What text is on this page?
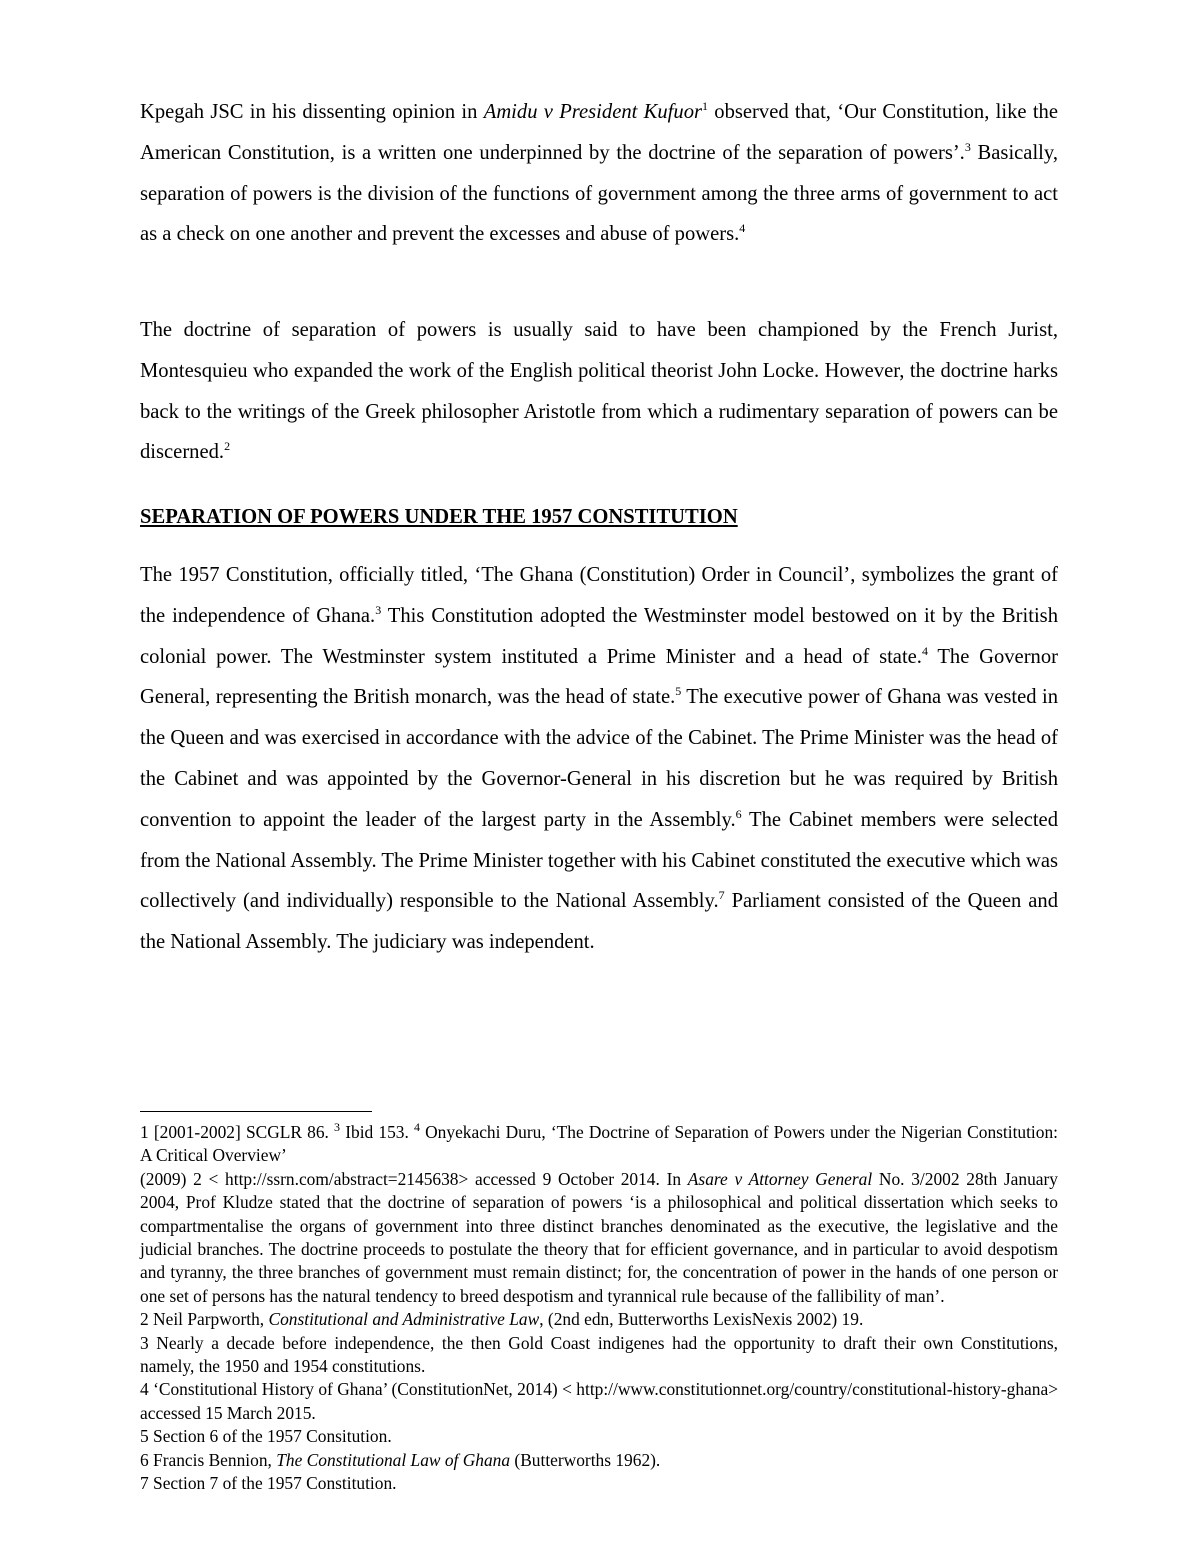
Kpegah JSC in his dissenting opinion in Amidu v President Kufuor$^1$ observed that, ‘Our Constitution, like the American Constitution, is a written one underpinned by the doctrine of the separation of powers’.$^3$ Basically, separation of powers is the division of the functions of government among the three arms of government to act as a check on one another and prevent the excesses and abuse of powers.$^4$

The doctrine of separation of powers is usually said to have been championed by the French Jurist, Montesquieu who expanded the work of the English political theorist John Locke. However, the doctrine harks back to the writings of the Greek philosopher Aristotle from which a rudimentary separation of powers can be discerned.$^2$

SEPARATION OF POWERS UNDER THE 1957 CONSTITUTION

The 1957 Constitution, officially titled, ‘The Ghana (Constitution) Order in Council’, symbolizes the grant of the independence of Ghana.$^3$ This Constitution adopted the Westminster model bestowed on it by the British colonial power. The Westminster system instituted a Prime Minister and a head of state.$^4$ The Governor General, representing the British monarch, was the head of state.$^5$ The executive power of Ghana was vested in the Queen and was exercised in accordance with the advice of the Cabinet. The Prime Minister was the head of the Cabinet and was appointed by the Governor-General in his discretion but he was required by British convention to appoint the leader of the largest party in the Assembly.$^6$ The Cabinet members were selected from the National Assembly. The Prime Minister together with his Cabinet constituted the executive which was collectively (and individually) responsible to the National Assembly.$^7$ Parliament consisted of the Queen and the National Assembly. The judiciary was independent.

1 [2001-2002] SCGLR 86. $^3$ Ibid 153. $^4$ Onyekachi Duru, ‘The Doctrine of Separation of Powers under the Nigerian Constitution: A Critical Overview’

(2009) 2 < http://ssrn.com/abstract=2145638> accessed 9 October 2014. In Asare v Attorney General No. 3/2002 28th January 2004, Prof Kludze stated that the doctrine of separation of powers ‘is a philosophical and political dissertation which seeks to compartmentalise the organs of government into three distinct branches denominated as the executive, the legislative and the judicial branches. The doctrine proceeds to postulate the theory that for efficient governance, and in particular to avoid despotism and tyranny, the three branches of government must remain distinct; for, the concentration of power in the hands of one person or one set of persons has the natural tendency to breed despotism and tyrannical rule because of the fallibility of man’.

2 Neil Parpworth, Constitutional and Administrative Law, (2nd edn, Butterworths LexisNexis 2002) 19.

3 Nearly a decade before independence, the then Gold Coast indigenes had the opportunity to draft their own Constitutions, namely, the 1950 and 1954 constitutions.

4 ‘Constitutional History of Ghana’ (ConstitutionNet, 2014) < http://www.constitutionnet.org/country/constitutional-history-ghana> accessed 15 March 2015.

5 Section 6 of the 1957 Consitution.

6 Francis Bennion, The Constitutional Law of Ghana (Butterworths 1962).

7 Section 7 of the 1957 Constitution.
